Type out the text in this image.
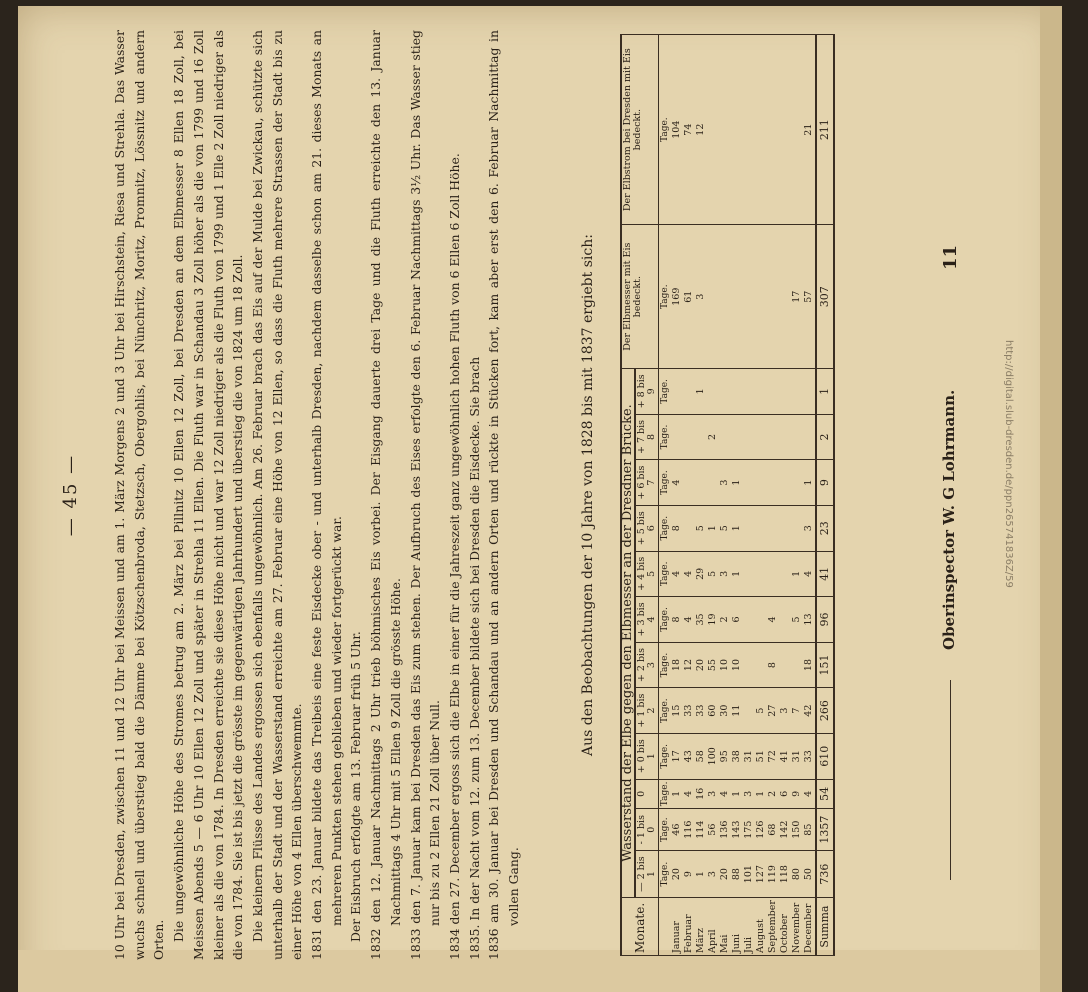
http://digital.slub-dresden.de/ppn265741836Z/59
— 45 —	10 Uhr bei Dresden, zwischen 11 und 12 Uhr bei Meissen und am 1. März Morgens 2 und 3 Uhr bei Hirschstein, Riesa und Strehla. Das Wasser wuchs schnell und überstieg bald die Dämme bei Kötzschenbroda, Stetzsch, Obergohlis, bei Nünchritz, Moritz, Promnitz, Lössnitz und andern Orten. Die ungewöhnliche Höhe des Stromes betrug am 2. März bei Pillnitz 10 Ellen 12 Zoll, bei Dresden an dem Elbmesser 8 Ellen 18 Zoll, bei Meissen Abends 5 — 6 Uhr 10 Ellen 12 Zoll und später in Strehla 11 Ellen. Die Fluth war in Schandau 3 Zoll höher als die von 1799 und 16 Zoll kleiner als die von 1784. In Dresden erreichte sie diese Höhe nicht und war 12 Zoll niedriger als die Fluth von 1799 und 1 Elle 2 Zoll niedriger als die von 1784. Sie ist bis jetzt die grösste im gegenwärtigen Jahrhundert und überstieg die von 1824 um 18 Zoll. Die kleinern Flüsse des Landes ergossen sich ebenfalls ungewöhnlich. Am 26. Februar brach das Eis auf der Mulde bei Zwickau, schützte sich unterhalb der Stadt und der Wasserstand erreichte am 27. Februar eine Höhe von 12 Ellen, so dass die Fluth mehrere Strassen der Stadt bis zu einer Höhe von 4 Ellen überschwemmte. 1831 den 23. Januar bildete das Treibeis eine feste Eisdecke ober - und unterhalb Dresden, nachdem dasselbe schon am 21. dieses Monats an mehreren Punkten stehen geblieben und wieder fortgerückt war. Der Eisbruch erfolgte am 13. Februar früh 5 Uhr. 1832 den 12. Januar Nachmittags 2 Uhr trieb böhmisches Eis vorbei. Der Eisgang dauerte drei Tage und die Fluth erreichte den 13. Januar Nachmittags 4 Uhr mit 5 Ellen 9 Zoll die grösste Höhe. 1833 den 7. Januar kam bei Dresden das Eis zum stehen. Der Aufbruch des Eises erfolgte den 6. Februar Nachmittags 3½ Uhr. Das Wasser stieg nur bis zu 2 Ellen 21 Zoll über Null. 1834 den 27. December ergoss sich die Elbe in einer für die Jahreszeit ganz ungewöhnlich hohen Fluth von 6 Ellen 6 Zoll Höhe. 1835. In der Nacht vom 12. zum 13. December bildete sich bei Dresden die Eisdecke. Sie brach 1836 am 30. Januar bei Dresden und Schandau und an andern Orten und rückte in Stücken fort, kam aber erst den 6. Februar Nachmittag in vollen Gang.

Aus den Beobachtungen der 10 Jahre von 1828 bis mit 1837 ergiebt sich:
Monate.	Wasserstand der Elbe gegen den Elbmesser an der Dresdner Brücke.												Der Elbmesser mit Eis bedeckt.	Der Elbstrom bei Dresden mit Eis bedeckt.
	— 2 bis 1	- 1 bis 0	0	+ 0 bis 1	+ 1 bis 2	+ 2 bis 3	+ 3 bis 4	+ 4 bis 5	+ 5 bis 6	+ 6 bis 7	+ 7 bis 8	+ 8 bis 9		
	Tage.	Tage.	Tage.	Tage.	Tage.	Tage.	Tage.	Tage.	Tage.	Tage.	Tage.	Tage.	Tage.	Tage.
Januar	20	46	1	17	15	18	8	4	8	4			169	104
Februar	9	116	4	43	33	12	4	4					61	74
März	1	114	16	58	33	20	35	29	5			1	3	12
April	3	56	3	100	60	55	19	5	1		2			
Mai	20	136	4	95	30	10	2	3	5	3				
Juni	88	143	1	38	11	10	6	1	1	1				
Juli	101	175	3	31										
August	127	126	1	51	5									
September	119	68	2	72	27	8	4							
October	118	142	6	41	3									
November	80	150	9	31	7		5	1					17	
December	50	85	4	33	42	18	13	4	3	1			57	21
Summa	736	1357	54	610	266	151	96	41	23	9	2	1	307	211
Oberinspector W. G Lohrmann.
11
